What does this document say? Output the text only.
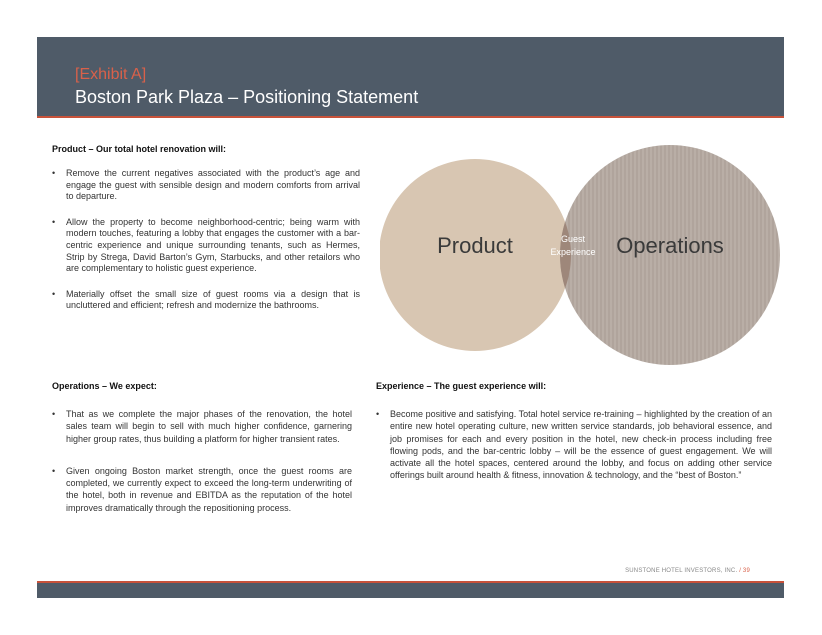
[Exhibit A]
Boston Park Plaza – Positioning Statement
Product – Our total hotel renovation will:
• Remove the current negatives associated with the product’s age and engage the guest with sensible design and modern comforts from arrival to departure.
• Allow the property to become neighborhood-centric; being warm with modern touches, featuring a lobby that engages the customer with a bar-centric experience and unique surrounding tenants, such as Hermes, Strip by Strega, David Barton’s Gym, Starbucks, and other retailors who are complementary to holistic guest experience.
• Materially offset the small size of guest rooms via a design that is uncluttered and efficient; refresh and modernize the bathrooms.
Product	Operations
Guest
Experience
Operations – We expect:
• That as we complete the major phases of the renovation, the hotel sales team will begin to sell with much higher confidence, garnering higher group rates, thus building a platform for higher transient rates.
• Given ongoing Boston market strength, once the guest rooms are completed, we currently expect to exceed the long-term underwriting of the hotel, both in revenue and EBITDA as the reputation of the hotel improves dramatically through the repositioning process.
Experience – The guest experience will:
• Become positive and satisfying. Total hotel service re-training – highlighted by the creation of an entire new hotel operating culture, new written service standards, job behavioral essence, and job promises for each and every position in the hotel, new check-in process including free flowing pods, and the bar-centric lobby – will be the essence of guest engagement. We will activate all the hotel spaces, centered around the lobby, and focus on adding other service offerings built around health & fitness, innovation & technology, and the “best of Boston.”
SUNSTONE HOTEL INVESTORS, INC. / 39
